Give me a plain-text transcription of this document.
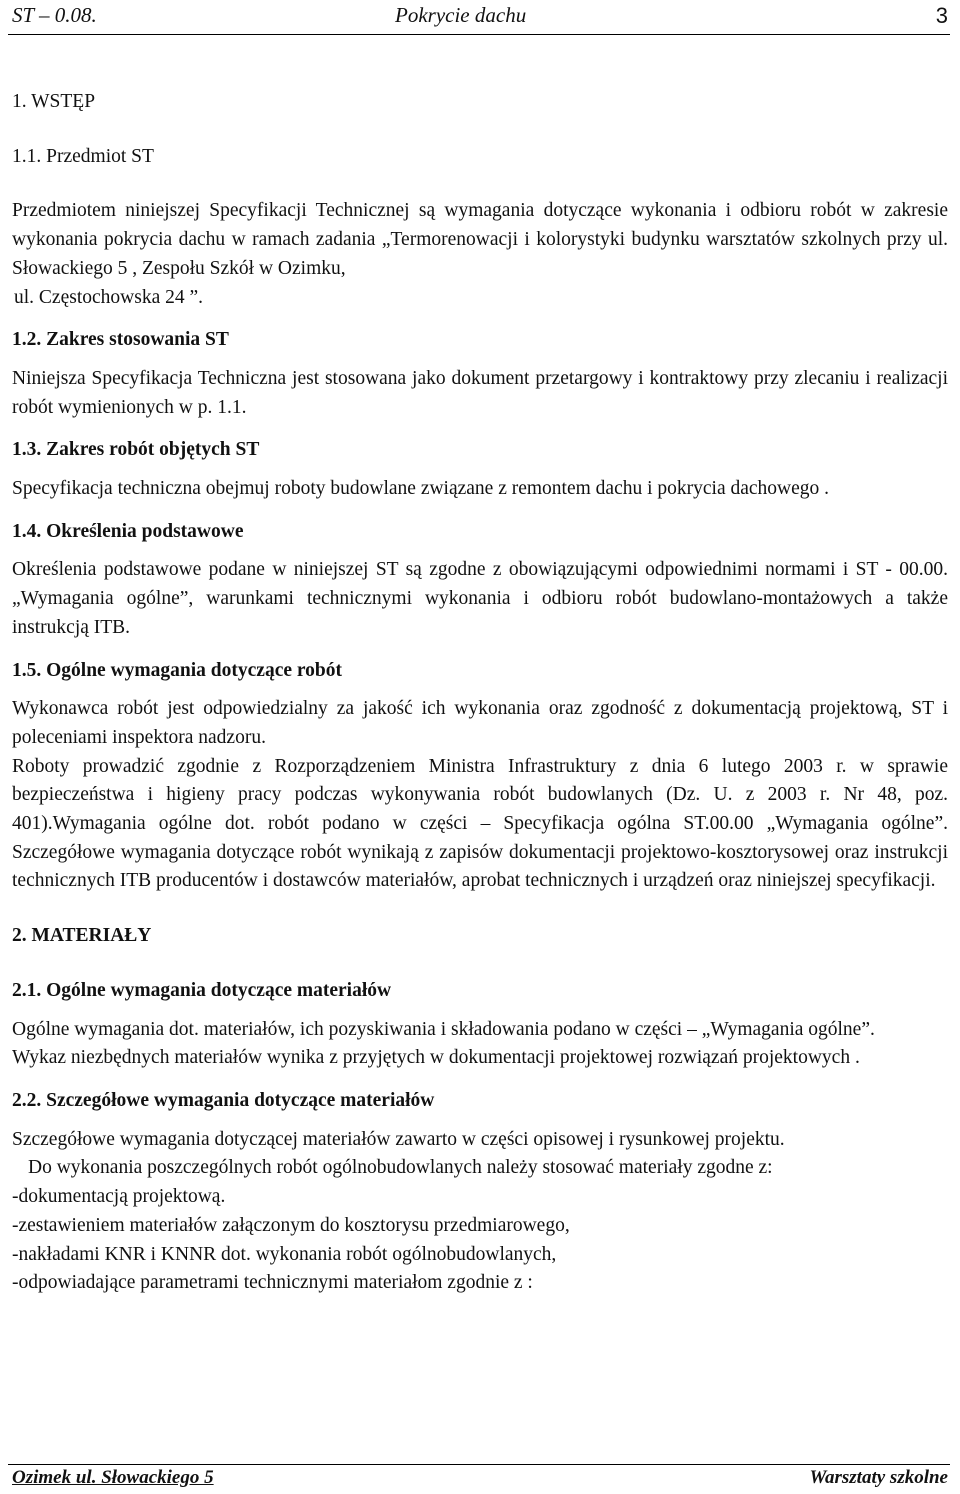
ST – 0.08.	Pokrycie dachu	3
1. WSTĘP
1.1. Przedmiot ST

Przedmiotem niniejszej Specyfikacji Technicznej są wymagania dotyczące wykonania i odbioru robót w zakresie wykonania pokrycia dachu w ramach zadania „Termorenowacji i kolorystyki budynku warsztatów szkolnych przy ul. Słowackiego 5 , Zespołu Szkół w Ozimku,

ul. Częstochowska 24 ”.

1.2. Zakres stosowania ST

Niniejsza Specyfikacja Techniczna jest stosowana jako dokument przetargowy i kontraktowy przy zlecaniu i realizacji robót wymienionych w p. 1.1.

1.3. Zakres robót objętych ST

Specyfikacja techniczna obejmuj roboty budowlane związane z remontem dachu i pokrycia dachowego .

1.4. Określenia podstawowe

Określenia podstawowe podane w niniejszej ST są zgodne z obowiązującymi odpowiednimi normami i ST - 00.00. „Wymagania ogólne”, warunkami technicznymi wykonania i odbioru robót budowlano-montażowych a także instrukcją ITB.

1.5. Ogólne wymagania dotyczące robót

Wykonawca robót jest odpowiedzialny za jakość ich wykonania oraz zgodność z dokumentacją projektową, ST i poleceniami inspektora nadzoru.

Roboty prowadzić zgodnie z Rozporządzeniem Ministra Infrastruktury z dnia 6 lutego 2003 r. w sprawie bezpieczeństwa i higieny pracy podczas wykonywania robót budowlanych (Dz. U. z 2003 r. Nr 48, poz. 401).Wymagania ogólne dot. robót podano w części – Specyfikacja ogólna ST.00.00 „Wymagania ogólne”. Szczegółowe wymagania dotyczące robót wynikają z zapisów dokumentacji projektowo-kosztorysowej oraz instrukcji technicznych ITB producentów i dostawców materiałów, aprobat technicznych i urządzeń oraz niniejszej specyfikacji.

2. MATERIAŁY
2.1. Ogólne wymagania dotyczące materiałów

Ogólne wymagania dot. materiałów, ich pozyskiwania i składowania podano w części – „Wymagania ogólne”.

Wykaz niezbędnych materiałów wynika z przyjętych w dokumentacji projektowej rozwiązań projektowych .

2.2. Szczegółowe wymagania dotyczące materiałów

Szczegółowe wymagania dotyczącej materiałów zawarto w części opisowej i rysunkowej projektu.

Do wykonania poszczególnych robót ogólnobudowlanych należy stosować materiały zgodne z:

-dokumentacją projektową.

-zestawieniem materiałów załączonym do kosztorysu przedmiarowego,

-nakładami KNR i KNNR dot. wykonania robót ogólnobudowlanych,

-odpowiadające parametrami technicznymi materiałom zgodnie z :

Ozimek ul. Słowackiego 5	Warsztaty szkolne
